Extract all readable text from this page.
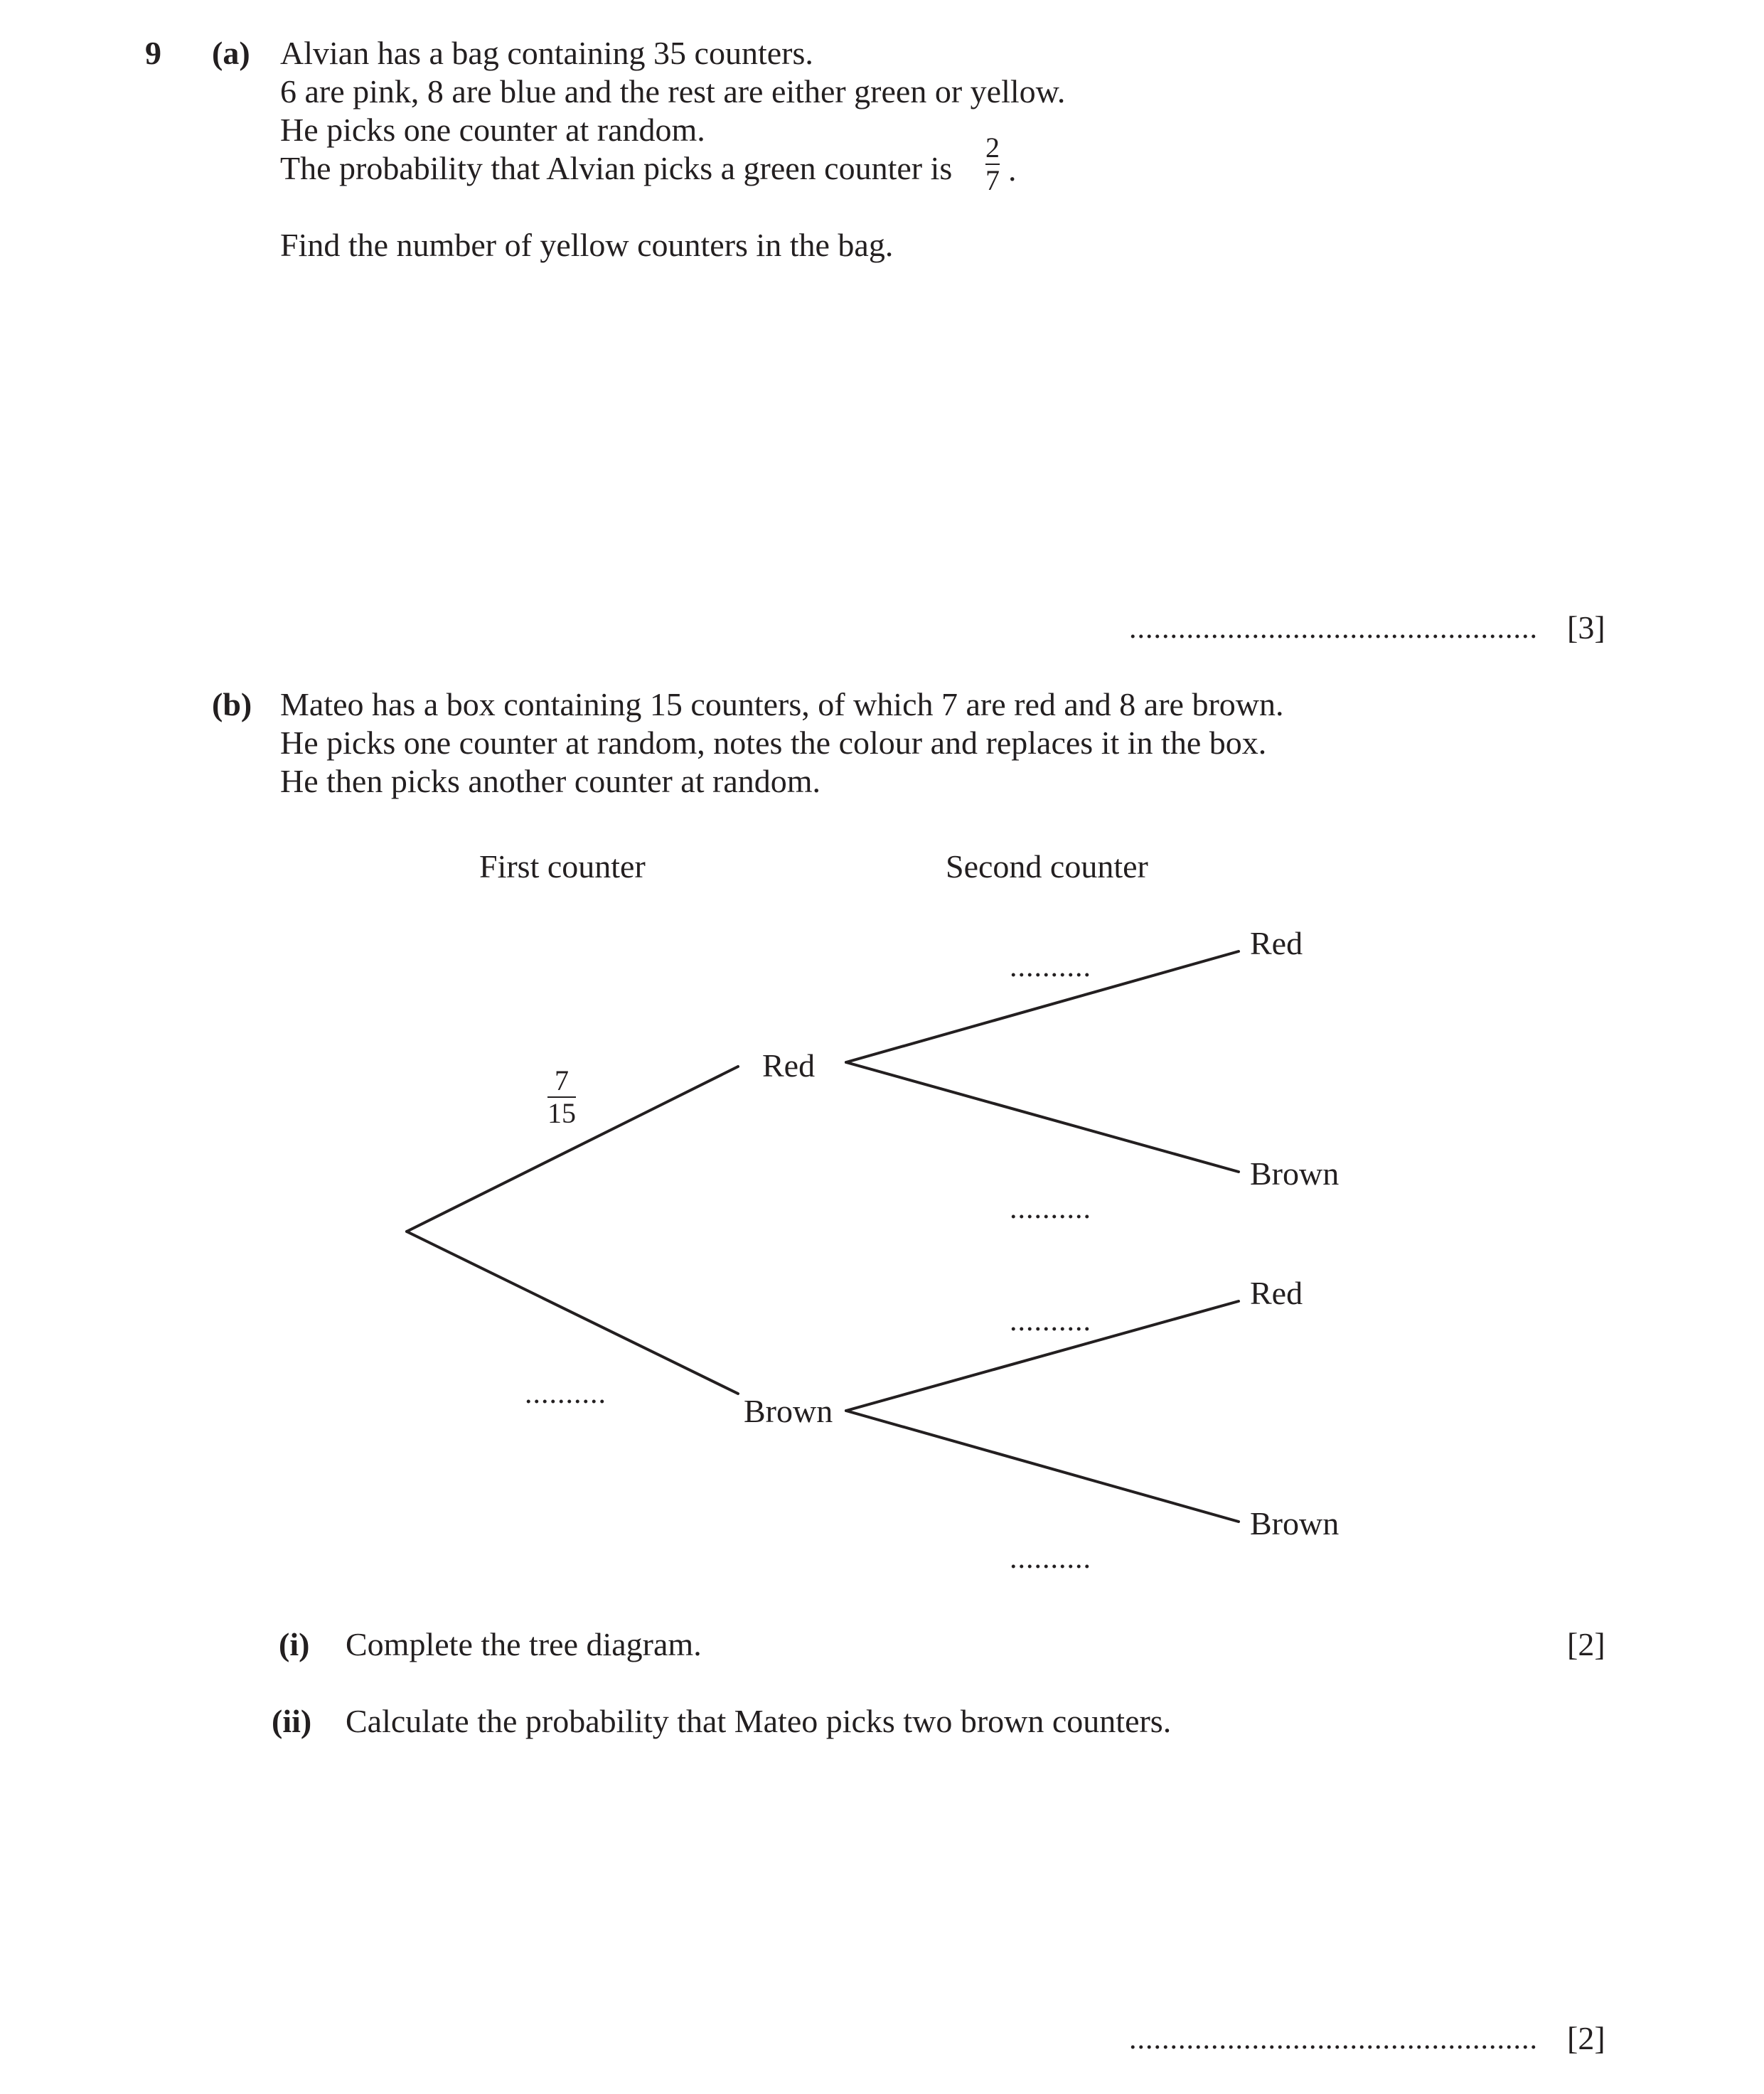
9 (a) Alvian has a bag containing 35 counters.
6 are pink, 8 are blue and the rest are either green or yellow.
He picks one counter at random.
The probability that Alvian picks a green counter is
2
7 .
Find the number of yellow counters in the bag.
.................................................. [3]
(b) Mateo has a box containing 15 counters, of which 7 are red and 8 are brown.
He picks one counter at random, notes the colour and replaces it in the box.
He then picks another counter at random.
First counter	Second counter
7
15
..........
Red
Brown
Red
Brown
Red
Brown
..........
..........
..........
..........
(i) Complete the tree diagram.	[2]
(ii) Calculate the probability that Mateo picks two brown counters.
.................................................. [2]
